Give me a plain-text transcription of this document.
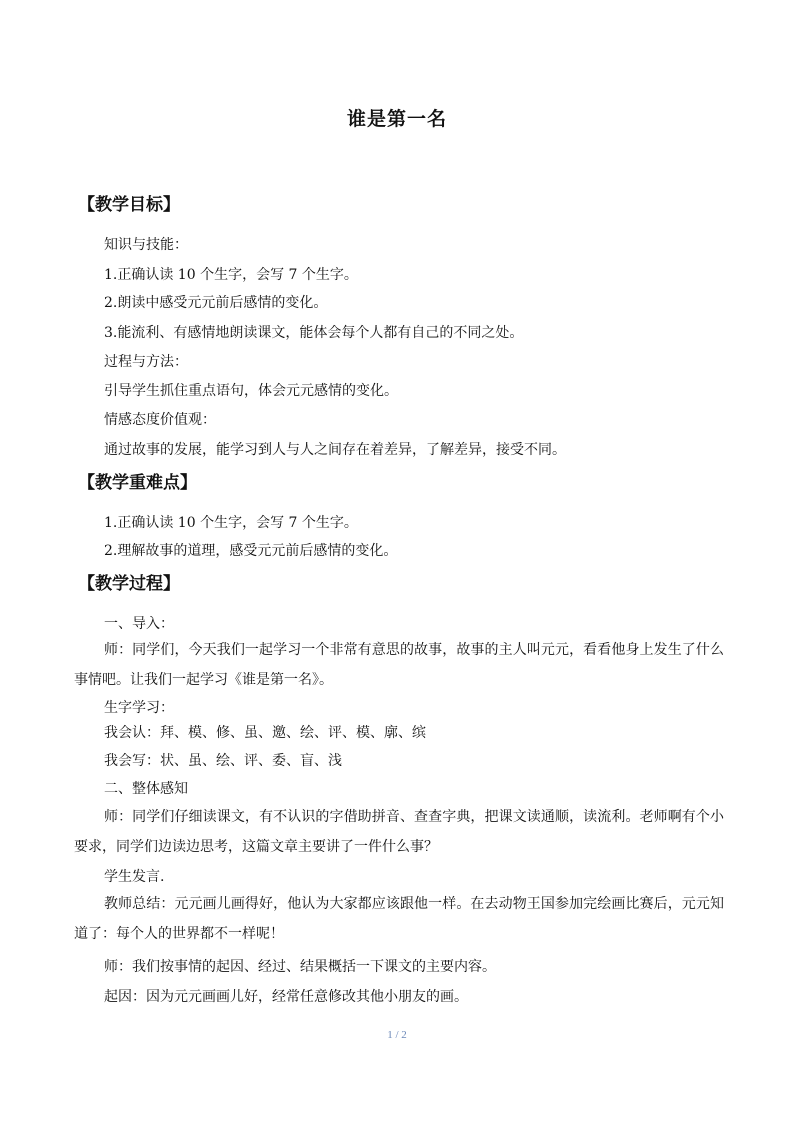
谁是第一名
【教学目标】
知识与技能：
1.正确认读 10 个生字，会写 7 个生字。
2.朗读中感受元元前后感情的变化。
3.能流利、有感情地朗读课文，能体会每个人都有自己的不同之处。
过程与方法：
引导学生抓住重点语句，体会元元感情的变化。
情感态度价值观：
通过故事的发展，能学习到人与人之间存在着差异，了解差异，接受不同。
【教学重难点】
1.正确认读 10 个生字，会写 7 个生字。
2.理解故事的道理，感受元元前后感情的变化。
【教学过程】
一、导入：
师：同学们，今天我们一起学习一个非常有意思的故事，故事的主人叫元元，看看他身上发生了什么事情吧。让我们一起学习《谁是第一名》。
生字学习：
我会认：拜、模、修、虽、邀、绘、评、模、廓、缤
我会写：状、虽、绘、评、委、盲、浅
二、整体感知
师：同学们仔细读课文，有不认识的字借助拼音、查查字典，把课文读通顺，读流利。老师啊有个小要求，同学们边读边思考，这篇文章主要讲了一件什么事？
学生发言.
教师总结：元元画儿画得好，他认为大家都应该跟他一样。在去动物王国参加完绘画比赛后，元元知道了：每个人的世界都不一样呢！
师：我们按事情的起因、经过、结果概括一下课文的主要内容。
起因：因为元元画画儿好，经常任意修改其他小朋友的画。
1 / 2
